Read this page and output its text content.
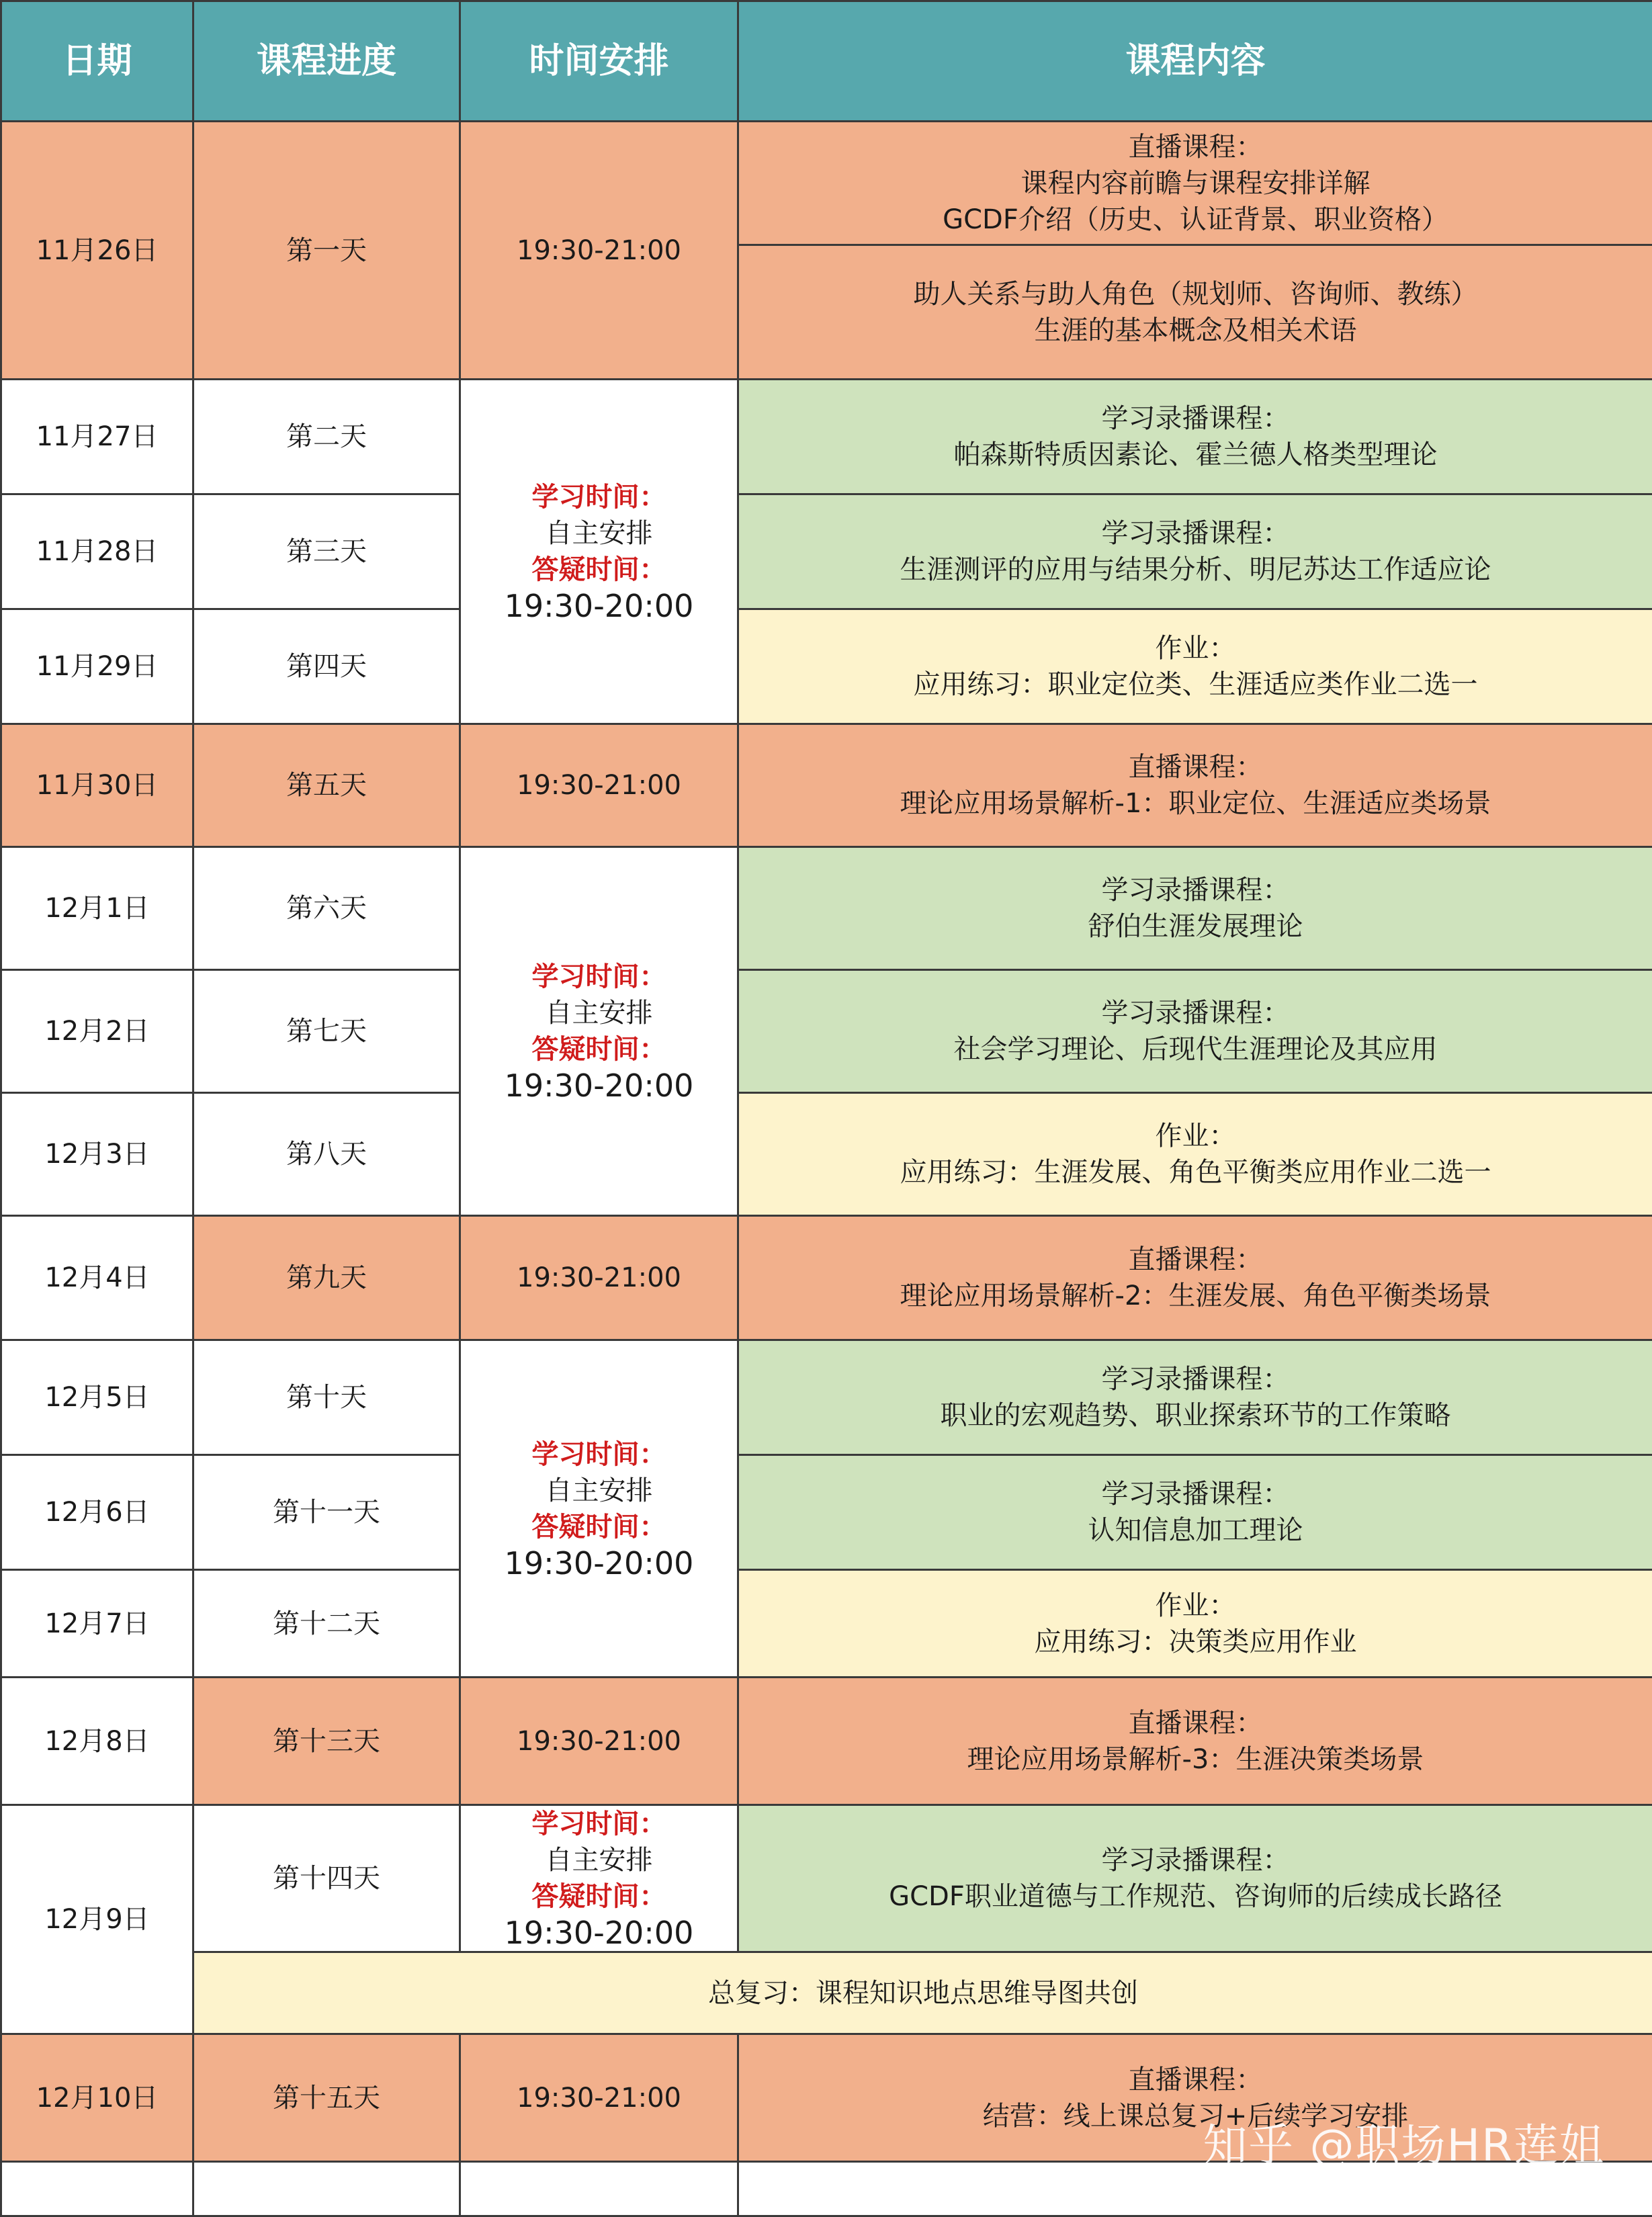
日期	课程进度	时间安排	课程内容
11月26日	第一天	19:30-21:00	直播课程：
课程内容前瞻与课程安排详解
GCDF介绍（历史、认证背景、职业资格）

			助人关系与助人角色（规划师、咨询师、教练）
生涯的基本概念及相关术语

11月27日	第二天	学习时间：
自主安排
答疑时间：
19:30-20:00	学习录播课程：
帕森斯特质因素论、霍兰德人格类型理论

11月28日	第三天		学习录播课程：
生涯测评的应用与结果分析、明尼苏达工作适应论

11月29日	第四天		作业：
应用练习：职业定位类、生涯适应类作业二选一

11月30日	第五天	19:30-21:00	直播课程：
理论应用场景解析-1：职业定位、生涯适应类场景

12月1日	第六天	学习时间：
自主安排
答疑时间：
19:30-20:00	学习录播课程：
舒伯生涯发展理论

12月2日	第七天		学习录播课程：
社会学习理论、后现代生涯理论及其应用

12月3日	第八天		作业：
应用练习：生涯发展、角色平衡类应用作业二选一

12月4日	第九天	19:30-21:00	直播课程：
理论应用场景解析-2：生涯发展、角色平衡类场景

12月5日	第十天	学习时间：
自主安排
答疑时间：
19:30-20:00	学习录播课程：
职业的宏观趋势、职业探索环节的工作策略

12月6日	第十一天		学习录播课程：
认知信息加工理论

12月7日	第十二天		作业：
应用练习：决策类应用作业

12月8日	第十三天	19:30-21:00	直播课程：
理论应用场景解析-3：生涯决策类场景

12月9日	第十四天	学习时间：
自主安排
答疑时间：
19:30-20:00	学习录播课程：
GCDF职业道德与工作规范、咨询师的后续成长路径

	总复习：课程知识地点思维导图共创		
12月10日	第十五天	19:30-21:00	直播课程：
结营：线上课总复习+后续学习安排

知乎 @职场HR莲姐
